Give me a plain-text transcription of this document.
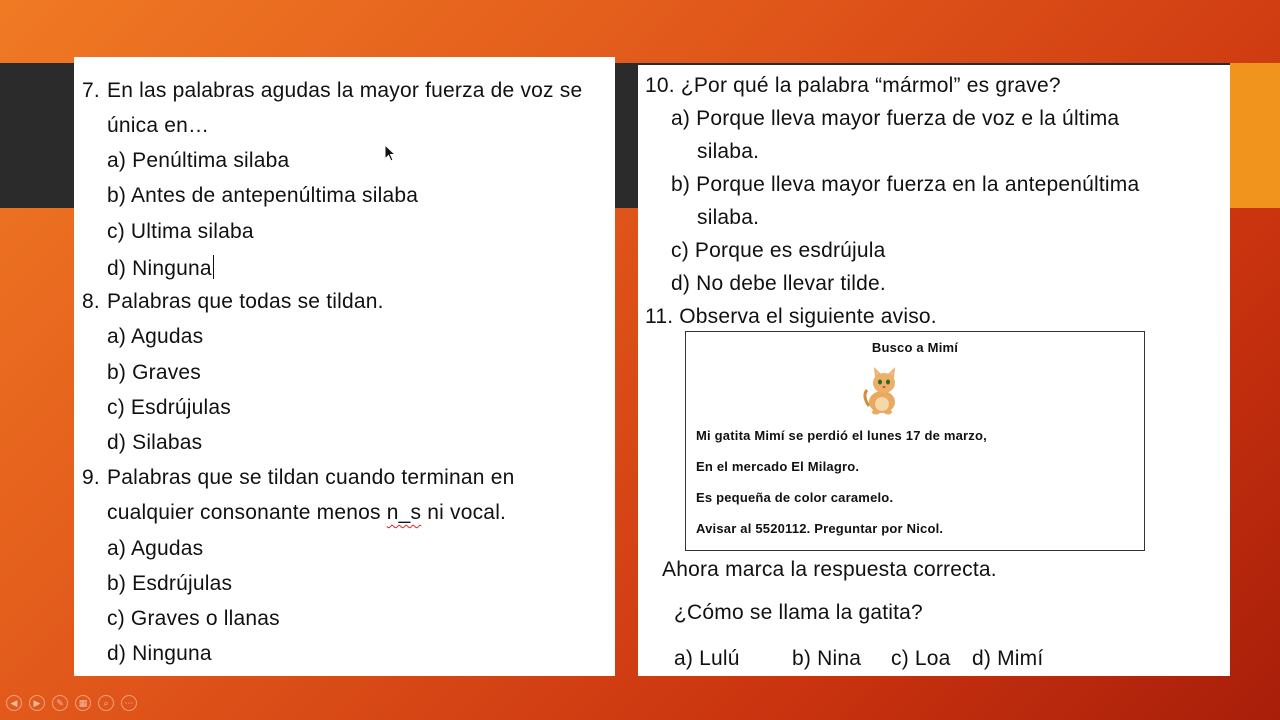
7. En las palabras agudas la mayor fuerza de voz se
única en…
a) Penúltima silaba
b) Antes de antepenúltima silaba
c) Ultima silaba
d) Ninguna
8. Palabras que todas se tildan.
a) Agudas
b) Graves
c) Esdrújulas
d) Silabas
9. Palabras que se tildan cuando terminan en
cualquier consonante menos n_s ni vocal.
a) Agudas
b) Esdrújulas
c) Graves o llanas
d) Ninguna
10. ¿Por qué la palabra “mármol” es grave?
a) Porque lleva mayor fuerza de voz e la última
silaba.
b) Porque lleva mayor fuerza en la antepenúltima
silaba.
c) Porque es esdrújula
d) No debe llevar tilde.
11. Observa el siguiente aviso.
Busco a Mimí
Mi gatita Mimí se perdió el lunes 17 de marzo,
En el mercado El Milagro.
Es pequeña de color caramelo.
Avisar al 5520112. Preguntar por Nicol.
Ahora marca la respuesta correcta.
¿Cómo se llama la gatita?
a) Lulú b) Nina c) Loa d) Mimí
◀	▶	✎	▦	⌕	⋯
